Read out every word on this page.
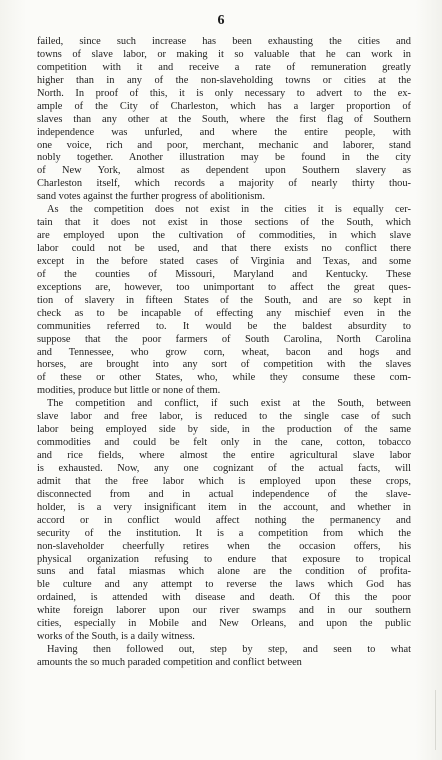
6
failed, since such increase has been exhausting the cities and
towns of slave labor, or making it so valuable that he can work in
competition with it and receive a rate of remuneration greatly
higher than in any of the non-slaveholding towns or cities at the
North. In proof of this, it is only necessary to advert to the ex-
ample of the City of Charleston, which has a larger proportion of
slaves than any other at the South, where the first flag of Southern
independence was unfurled, and where the entire people, with
one voice, rich and poor, merchant, mechanic and laborer, stand
nobly together. Another illustration may be found in the city
of New York, almost as dependent upon Southern slavery as
Charleston itself, which records a majority of nearly thirty thou-
sand votes against the further progress of abolitionism.
As the competition does not exist in the cities it is equally cer-
tain that it does not exist in those sections of the South, which
are employed upon the cultivation of commodities, in which slave
labor could not be used, and that there exists no conflict there
except in the before stated cases of Virginia and Texas, and some
of the counties of Missouri, Maryland and Kentucky. These
exceptions are, however, too unimportant to affect the great ques-
tion of slavery in fifteen States of the South, and are so kept in
check as to be incapable of effecting any mischief even in the
communities referred to. It would be the baldest absurdity to
suppose that the poor farmers of South Carolina, North Carolina
and Tennessee, who grow corn, wheat, bacon and hogs and
horses, are brought into any sort of competition with the slaves
of these or other States, who, while they consume these com-
modities, produce but little or none of them.
The competition and conflict, if such exist at the South, between
slave labor and free labor, is reduced to the single case of such
labor being employed side by side, in the production of the same
commodities and could be felt only in the cane, cotton, tobacco
and rice fields, where almost the entire agricultural slave labor
is exhausted. Now, any one cognizant of the actual facts, will
admit that the free labor which is employed upon these crops,
disconnected from and in actual independence of the slave-
holder, is a very insignificant item in the account, and whether in
accord or in conflict would affect nothing the permanency and
security of the institution. It is a competition from which the
non-slaveholder cheerfully retires when the occasion offers, his
physical organization refusing to endure that exposure to tropical
suns and fatal miasmas which alone are the condition of profita-
ble culture and any attempt to reverse the laws which God has
ordained, is attended with disease and death. Of this the poor
white foreign laborer upon our river swamps and in our southern
cities, especially in Mobile and New Orleans, and upon the public
works of the South, is a daily witness.
Having then followed out, step by step, and seen to what
amounts the so much paraded competition and conflict between
